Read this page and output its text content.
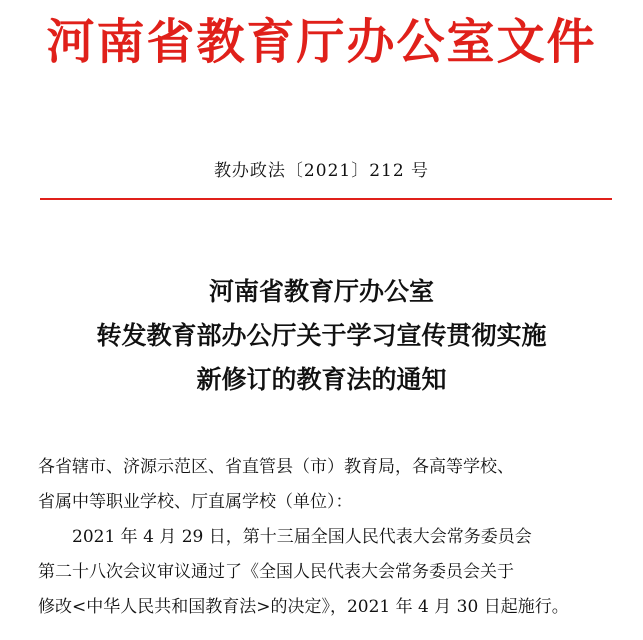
河南省教育厅办公室文件
教办政法〔2021〕212 号
河南省教育厅办公室
转发教育部办公厅关于学习宣传贯彻实施
新修订的教育法的通知

各省辖市、济源示范区、省直管县（市）教育局，各高等学校、

省属中等职业学校、厅直属学校（单位）：

2021 年 4 月 29 日，第十三届全国人民代表大会常务委员会

第二十八次会议审议通过了《全国人民代表大会常务委员会关于

修改<中华人民共和国教育法>的决定》，2021 年 4 月 30 日起施行。
